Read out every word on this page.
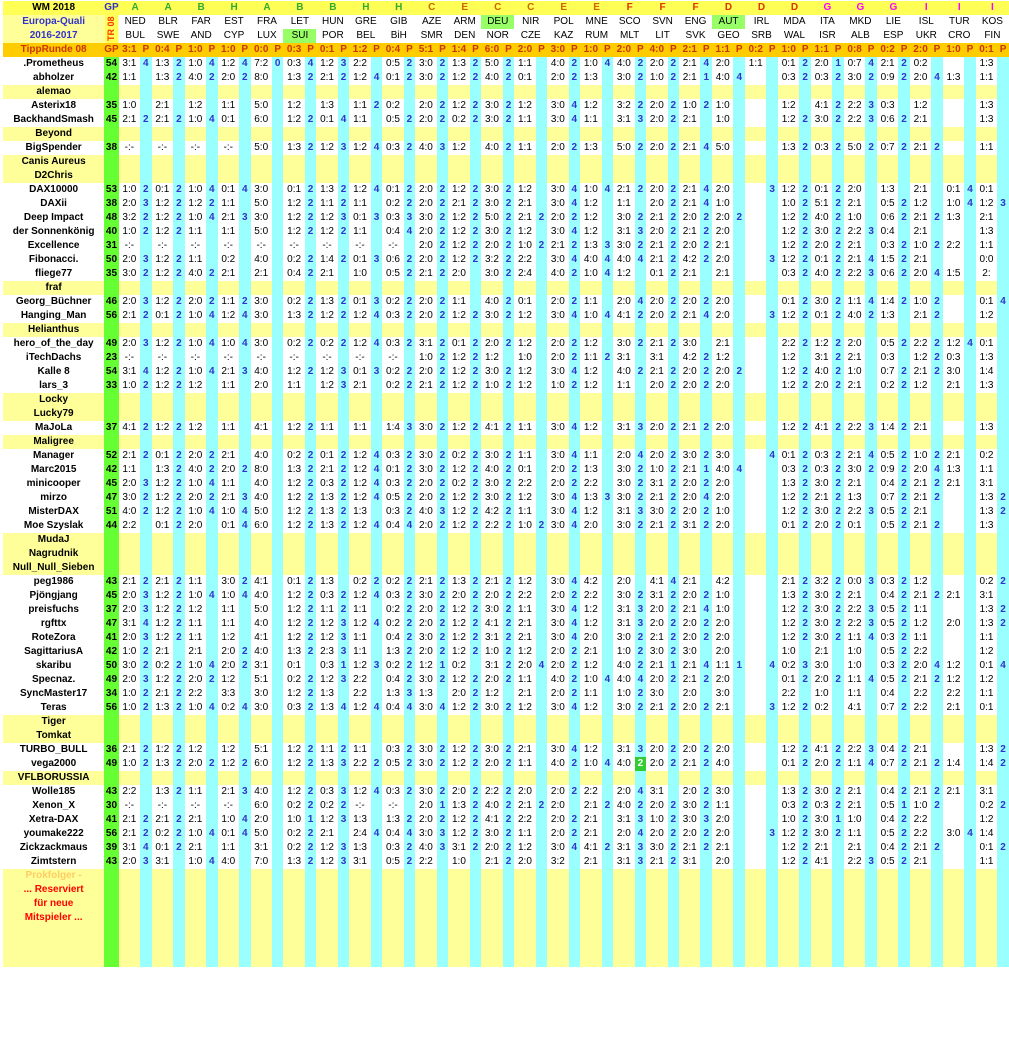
WM 2018	GP	A		A		B		H		A		B		B		H		H		C		E		C		C		E		E		F		F		F		D		D		D		G		G		G		I		I		I	
Europa-Quali	TR 08	NED		BLR		FAR		EST		FRA		LET		HUN		GRE		GIB		AZE		ARM		DEU		NIR		POL		MNE		SCO		SVN		ENG		AUT		IRL		MDA		ITA		MKD		LIE		ISL		TUR		KOS	
2016-2017		BUL		SWE		AND		CYP		LUX		SUI		POR		BEL		BiH		SMR		DEN		NOR		CZE		KAZ		RUM		MLT		LIT		SVK		GEO		SRB		WAL		ISR		ALB		ESP		UKR		CRO		FIN	
TippRunde 08	GP	3:1	P	0:4	P	1:0	P	1:0	P	0:0	P	0:3	P	0:1	P	1:2	P	0:4	P	5:1	P	1:4	P	6:0	P	2:0	P	3:0	P	1:0	P	2:0	P	4:0	P	2:1	P	1:1	P	0:2	P	1:0	P	1:1	P	0:8	P	0:2	P	2:0	P	1:0	P	0:1	P
.Prometheus	54	3:1	4	1:3	2	1:0	4	1:2	4	7:2	0	0:3	4	1:2	3	2:2		0:5	2	3:0	2	1:3	2	5:0	2	1:1		4:0	2	1:0	4	4:0	2	2:0	2	2:1	4	2:0		1:1		0:1	2	2:0	1	0:7	4	2:1	2	0:2				1:3	
abholzer	42	1:1		1:3	2	4:0	2	2:0	2	8:0		1:3	2	2:1	2	1:2	4	0:1	2	3:0	2	1:2	2	4:0	2	0:1		2:0	2	1:3		3:0	2	1:0	2	2:1	1	4:0	4			0:3	2	0:3	2	3:0	2	0:9	2	2:0	4	1:3		1:1	
alemao																																																							
Asterix18	35	1:0		2:1		1:2		1:1		5:0		1:2		1:3		1:1	2	0:2		2:0	2	1:2	2	3:0	2	1:2		3:0	4	1:2		3:2	2	2:0	2	1:0	2	1:0				1:2		4:1	2	2:2	3	0:3		1:2				1:3	
BackhandSmash	45	2:1	2	2:1	2	1:0	4	0:1		6:0		1:2	2	0:1	4	1:1		0:5	2	2:0	2	0:2	2	3:0	2	1:1		3:0	4	1:1		3:1	3	2:0	2	2:1		1:0				1:2	2	3:0	2	2:2	3	0:6	2	2:1				1:3	
Beyond																																																							
BigSpender	38	-:-		-:-		-:-		-:-		5:0		1:3	2	1:2	3	1:2	4	0:3	2	4:0	3	1:2		4:0	2	1:1		2:0	2	1:3		5:0	2	2:0	2	2:1	4	5:0				1:3	2	0:3	2	5:0	2	0:7	2	2:1	2			1:1	
Canis Aureus																																																							
D2Chris																																																							
DAX10000	53	1:0	2	0:1	2	1:0	4	0:1	4	3:0		0:1	2	1:3	2	1:2	4	0:1	2	2:0	2	1:2	2	3:0	2	1:2		3:0	4	1:0	4	2:1	2	2:0	2	2:1	4	2:0			3	1:2	2	0:1	2	2:0		1:3		2:1		0:1	4	0:1	
DAXii	38	2:0	3	1:2	2	1:2	2	1:1		5:0		1:2	2	1:1	2	1:1		0:2	2	2:0	2	2:1	2	3:0	2	2:1		3:0	4	1:2		1:1		2:0	2	2:1	4	1:0				1:0	2	5:1	2	2:1		0:5	2	1:2		1:0	4	1:2	3
Deep Impact	48	3:2	2	1:2	2	1:0	4	2:1	3	3:0		1:2	2	1:2	3	0:1	3	0:3	3	3:0	2	1:2	2	5:0	2	2:1	2	2:0	2	1:2		3:0	2	2:1	2	2:0	2	2:0	2			1:2	2	4:0	2	1:0		0:6	2	2:1	2	1:3		2:1	
der Sonnenkönig	40	1:0	2	1:2	2	1:1		1:1		5:0		1:2	2	1:2	2	1:1		0:4	4	2:0	2	1:2	2	3:0	2	1:2		3:0	4	1:2		3:1	3	2:0	2	2:1	2	2:0				1:2	2	3:0	2	2:2	3	0:4		2:1				1:3	
Excellence	31	-:-		-:-		-:-		-:-		-:-		-:-		-:-		-:-		-:-		2:0	2	1:2	2	2:0	2	1:0	2	2:1	2	1:3	3	3:0	2	2:1	2	2:0	2	2:1				1:2	2	2:0	2	2:1		0:3	2	1:0	2	2:2		1:1	
Fibonacci.	50	2:0	3	1:2	2	1:1		0:2		4:0		0:2	2	1:4	2	0:1	3	0:6	2	2:0	2	1:2	2	3:2	2	2:2		3:0	4	4:0	4	4:0	4	2:1	2	4:2	2	2:0			3	1:2	2	0:1	2	2:1	4	1:5	2	2:1				0:0	
fliege77	35	3:0	2	1:2	2	4:0	2	2:1		2:1		0:4	2	2:1		1:0		0:5	2	2:1	2	2:0		3:0	2	2:4		4:0	2	1:0	4	1:2		0:1	2	2:1		2:1				0:3	2	4:0	2	2:2	3	0:6	2	2:0	4	1:5		2:	
fraf																																																							
Georg_Büchner	46	2:0	3	1:2	2	2:0	2	1:1	2	3:0		0:2	2	1:3	2	0:1	3	0:2	2	2:0	2	1:1		4:0	2	0:1		2:0	2	1:1		2:0	4	2:0	2	2:0	2	2:0				0:1	2	3:0	2	1:1	4	1:4	2	1:0	2			0:1	4
Hanging_Man	56	2:1	2	0:1	2	1:0	4	1:2	4	3:0		1:3	2	1:2	2	1:2	4	0:3	2	2:0	2	1:2	2	3:0	2	1:2		3:0	4	1:0	4	4:1	2	2:0	2	2:1	4	2:0			3	1:2	2	0:1	2	4:0	2	1:3		2:1	2			1:2	
Helianthus																																																							
hero_of_the_day	49	2:0	3	1:2	2	1:0	4	1:0	4	3:0		0:2	2	0:2	2	1:2	4	0:3	2	3:1	2	0:1	2	2:0	2	1:2		2:0	2	1:2		3:0	2	2:1	2	3:0		2:1				2:2	2	1:2	2	2:0		0:5	2	2:2	2	1:2	4	0:1	
iTechDachs	23	-:-		-:-		-:-		-:-		-:-		-:-		-:-		-:-		-:-		1:0	2	1:2	2	1:2		1:0		2:0	2	1:1	2	3:1		3:1		4:2	2	1:2				1:2		3:1	2	2:1		0:3		1:2	2	0:3		1:3	
Kalle 8	54	3:1	4	1:2	2	1:0	4	2:1	3	4:0		1:2	2	1:2	3	0:1	3	0:2	2	2:0	2	1:2	2	3:0	2	1:2		3:0	4	1:2		4:0	2	2:1	2	2:0	2	2:0	2			1:2	2	4:0	2	1:0		0:7	2	2:1	2	3:0		1:4	
lars_3	33	1:0	2	1:2	2	1:2		1:1		2:0		1:1		1:2	3	2:1		0:2	2	2:1	2	1:2	2	1:0	2	1:2		1:0	2	1:2		1:1		2:0	2	2:0	2	2:0				1:2	2	2:0	2	2:1		0:2	2	1:2		2:1		1:3	
Locky																																																							
Lucky79																																																							
MaJoLa	37	4:1	2	1:2	2	1:2		1:1		4:1		1:2	2	1:1		1:1		1:4	3	3:0	2	1:2	2	4:1	2	1:1		3:0	4	1:2		3:1	3	2:0	2	2:1	2	2:0				1:2	2	4:1	2	2:2	3	1:4	2	2:1				1:3	
Maligree																																																							
Manager	52	2:1	2	0:1	2	2:0	2	2:1		4:0		0:2	2	0:1	2	1:2	4	0:3	2	3:0	2	0:2	2	3:0	2	1:1		3:0	4	1:1		2:0	4	2:0	2	3:0	2	3:0			4	0:1	2	0:3	2	2:1	4	0:5	2	1:0	2	2:1		0:2	
Marc2015	42	1:1		1:3	2	4:0	2	2:0	2	8:0		1:3	2	2:1	2	1:2	4	0:1	2	3:0	2	1:2	2	4:0	2	0:1		2:0	2	1:3		3:0	2	1:0	2	2:1	1	4:0	4			0:3	2	0:3	2	3:0	2	0:9	2	2:0	4	1:3		1:1	
minicooper	45	2:0	3	1:2	2	1:0	4	1:1		4:0		1:2	2	0:3	2	1:2	4	0:3	2	2:0	2	0:2	2	3:0	2	2:2		2:0	2	2:2		3:0	2	3:1	2	2:0	2	2:0				1:3	2	3:0	2	2:1		0:4	2	2:1	2	2:1		3:1	
mirzo	47	3:0	2	1:2	2	2:0	2	2:1	3	4:0		1:2	2	1:3	2	1:2	4	0:5	2	2:0	2	1:2	2	3:0	2	1:2		3:0	4	1:3	3	3:0	2	2:1	2	2:0	4	2:0				1:2	2	2:1	2	1:3		0:7	2	2:1	2			1:3	2
MisterDAX	51	4:0	2	1:2	2	1:0	4	1:0	4	5:0		1:2	2	1:3	2	1:3		0:3	2	4:0	3	1:2	2	4:2	2	1:1		3:0	4	1:2		3:1	3	3:0	2	2:0	2	1:0				1:2	2	3:0	2	2:2	3	0:5	2	2:1				1:3	2
Moe Szyslak	44	2:2		0:1	2	2:0		0:1	4	6:0		1:2	2	1:3	2	1:2	4	0:4	4	2:0	2	1:2	2	2:2	2	1:0	2	3:0	4	2:0		3:0	2	2:1	2	3:1	2	2:0				0:1	2	2:0	2	0:1		0:5	2	2:1	2			1:3	
MudaJ																																																							
Nagrudnik																																																							
Null_Null_Sieben																																																							
peg1986	43	2:1	2	2:1	2	1:1		3:0	2	4:1		0:1	2	1:3		0:2	2	0:2	2	2:1	2	1:3	2	2:1	2	1:2		3:0	4	4:2		2:0		4:1	4	2:1		4:2				2:1	2	3:2	2	0:0	3	0:3	2	1:2				0:2	2
Pjöngjang	45	2:0	3	1:2	2	1:0	4	1:0	4	4:0		1:2	2	0:3	2	1:2	4	0:3	2	3:0	2	2:0	2	2:0	2	2:2		2:0	2	2:2		3:0	2	3:1	2	2:0	2	1:0				1:3	2	3:0	2	2:1		0:4	2	2:1	2	2:1		3:1	
preisfuchs	37	2:0	3	1:2	2	1:2		1:1		5:0		1:2	2	1:1	2	1:1		0:2	2	2:0	2	1:2	2	3:0	2	1:1		3:0	4	1:2		3:1	3	2:0	2	2:1	4	1:0				1:2	2	3:0	2	2:2	3	0:5	2	1:1				1:3	2
rgfttx	47	3:1	4	1:2	2	1:1		1:1		4:0		1:2	2	1:2	3	1:2	4	0:2	2	2:0	2	1:2	2	4:1	2	2:1		3:0	4	1:2		3:1	3	2:0	2	2:0	2	2:0				1:2	2	3:0	2	2:2	3	0:5	2	1:2		2:0		1:3	2
RoteZora	41	2:0	3	1:2	2	1:1		1:2		4:1		1:2	2	1:2	3	1:1		0:4	2	3:0	2	1:2	2	3:1	2	2:1		3:0	4	2:0		3:0	2	2:1	2	2:0	2	2:0				1:2	2	3:0	2	1:1	4	0:3	2	1:1				1:1	
SagittariusA	42	1:0	2	2:1		2:1		2:0	2	4:0		1:3	2	2:3	3	1:1		1:3	2	2:0	2	1:2	2	1:0	2	1:2		2:0	2	2:1		1:0	2	3:0	2	3:0		2:0				1:0		2:1		1:0		0:5	2	2:2				1:2	
skaribu	50	3:0	2	0:2	2	1:0	4	2:0	2	3:1		0:1		0:3	1	1:2	3	0:2	2	1:2	1	0:2		3:1	2	2:0	4	2:0	2	1:2		4:0	2	2:1	1	2:1	4	1:1	1		4	0:2	3	3:0		1:0		0:3	2	2:0	4	1:2		0:1	4
Specnaz.	49	2:0	3	1:2	2	2:0	2	1:2		5:1		0:2	2	1:2	3	2:2		0:4	2	3:0	2	1:2	2	2:0	2	1:1		4:0	2	1:0	4	4:0	4	2:0	2	2:1	2	2:0				0:1	2	2:0	2	1:1	4	0:5	2	2:1	2	1:2		1:2	
SyncMaster17	34	1:0	2	2:1	2	2:2		3:3		3:0		1:2	2	1:3		2:2		1:3	3	1:3		2:0	2	1:2		2:1		2:0	2	1:1		1:0	2	3:0		2:0		3:0				2:2		1:0		1:1		0:4		2:2		2:2		1:1	
Teras	56	1:0	2	1:3	2	1:0	4	0:2	4	3:0		0:3	2	1:3	4	1:2	4	0:4	4	3:0	4	1:2	2	3:0	2	1:2		3:0	4	1:2		3:0	2	2:1	2	2:0	2	2:1			3	1:2	2	0:2		4:1		0:7	2	2:2		2:1		0:1	
Tiger																																																							
Tomkat																																																							
TURBO_BULL	36	2:1	2	1:2	2	1:2		1:2		5:1		1:2	2	1:1	2	1:1		0:3	2	3:0	2	1:2	2	3:0	2	2:1		3:0	4	1:2		3:1	3	2:0	2	2:0	2	2:0				1:2	2	4:1	2	2:2	3	0:4	2	2:1				1:3	2
vega2000	49	1:0	2	1:3	2	2:0	2	1:2	2	6:0		1:2	2	1:3	3	2:2	2	0:5	2	3:0	2	1:2	2	2:0	2	1:1		4:0	2	1:0	4	4:0	2	2:0	2	2:1	2	4:0				0:1	2	2:0	2	1:1	4	0:7	2	2:1	2	1:4		1:4	2
VFLBORUSSIA																																																							
Wolle185	43	2:2		1:3	2	1:1		2:1	3	4:0		1:2	2	0:3	3	1:2	4	0:3	2	3:0	2	2:0	2	2:2	2	2:0		2:0	2	2:2		2:0	4	3:1		2:0	2	3:0				1:3	2	3:0	2	2:1		0:4	2	2:1	2	2:1		3:1	
Xenon_X	30	-:-		-:-		-:-		-:-		6:0		0:2	2	0:2	2	-:-		-:-		2:0	1	1:3	2	4:0	2	2:1	2	2:0		2:1	2	4:0	2	2:0	2	3:0	2	1:1				0:3	2	0:3	2	2:1		0:5	1	1:0	2			0:2	2
Xetra-DAX	41	2:1	2	2:1	2	2:1		1:0	4	2:0		1:0	1	1:2	3	1:3		1:3	2	2:0	2	1:2	2	4:1	2	2:2		2:0	2	2:1		3:1	3	1:0	2	3:0	3	2:0				1:0	2	3:0	1	1:0		0:4	2	2:2				1:2	
youmake222	56	2:1	2	0:2	2	1:0	4	0:1	4	5:0		0:2	2	2:1		2:4	4	0:4	4	3:0	3	1:2	2	3:0	2	1:1		2:0	2	2:1		2:0	4	2:0	2	2:0	2	2:0			3	1:2	2	3:0	2	1:1		0:5	2	2:2		3:0	4	1:4	
Zickzackmaus	39	3:1	4	0:1	2	2:1		1:1		3:1		0:2	2	1:2	3	1:3		0:3	2	4:0	3	3:1	2	2:0	2	1:2		3:0	4	4:1	2	3:1	3	3:0	2	2:1	2	2:1				1:2	2	2:1		2:1		0:4	2	2:1	2			0:1	2
Zimtstern	43	2:0	3	3:1		1:0	4	4:0		7:0		1:3	2	1:2	3	3:1		0:5	2	2:2		1:0		2:1	2	2:0		3:2		2:1		3:1	3	2:1	2	3:1		2:0				1:2	2	4:1		2:2	3	0:5	2	2:1				1:1	
Prokfolger -																																																							
... Reserviert																																																							
für neue																																																							
Mitspieler ...																																																							
